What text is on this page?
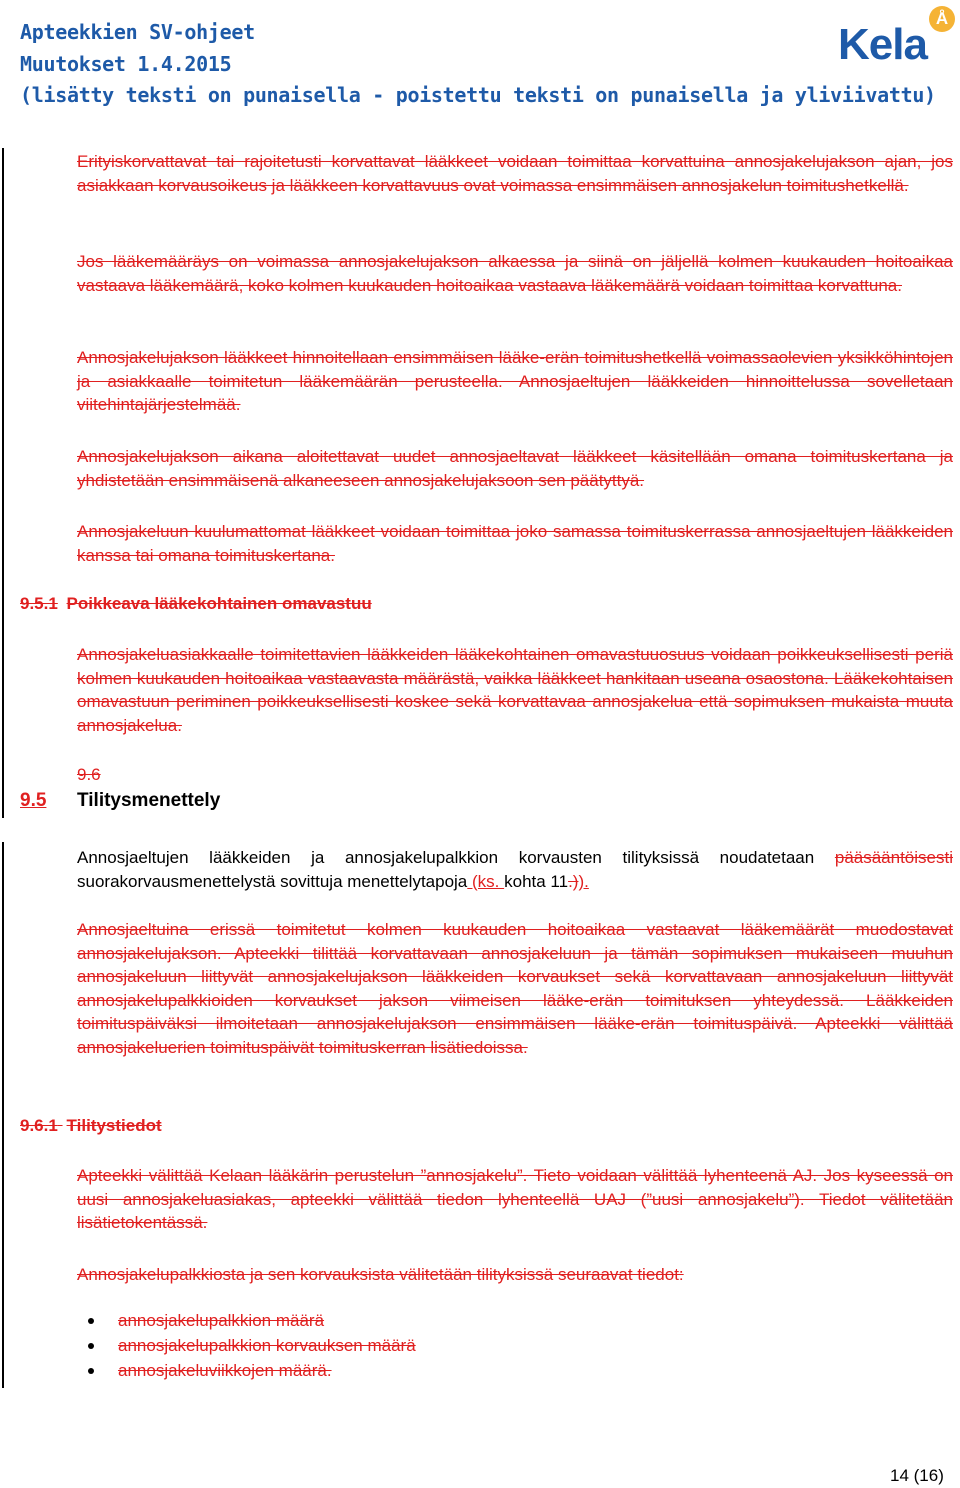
Apteekkien SV-ohjeet
Muutokset 1.4.2015
(lisätty teksti on punaisella - poistettu teksti on punaisella ja yliviivattu)
Kela
Å

Erityiskorvattavat tai rajoitetusti korvattavat lääkkeet voidaan toimittaa korvattuina annosjakelujakson ajan, jos asiakkaan korvausoikeus ja lääkkeen korvattavuus ovat voimassa ensimmäisen annosjakelun toimitushetkellä.

Jos lääkemääräys on voimassa annosjakelujakson alkaessa ja siinä on jäljellä kolmen kuukauden hoitoaikaa vastaava lääkemäärä, koko kolmen kuukauden hoitoaikaa vastaava lääkemäärä voidaan toimittaa korvattuna.

Annosjakelujakson lääkkeet hinnoitellaan ensimmäisen lääke-erän toimitushetkellä voimassaolevien yksikköhintojen ja asiakkaalle toimitetun lääkemäärän perusteella. Annosjaeltujen lääkkeiden hinnoittelussa sovelletaan viitehintajärjestelmää.

Annosjakelujakson aikana aloitettavat uudet annosjaeltavat lääkkeet käsitellään omana toimituskertana ja yhdistetään ensimmäisenä alkaneeseen annosjakelujaksoon sen päätyttyä.

Annosjakeluun kuulumattomat lääkkeet voidaan toimittaa joko samassa toimituskerrassa annosjaeltujen lääkkeiden kanssa tai omana toimituskertana.

9.5.1 Poikkeava lääkekohtainen omavastuu

Annosjakeluasiakkaalle toimitettavien lääkkeiden lääkekohtainen omavastuuosuus voidaan poikkeuksellisesti periä kolmen kuukauden hoitoaikaa vastaavasta määrästä, vaikka lääkkeet hankitaan useana osaostona. Lääkekohtaisen omavastuun periminen poikkeuksellisesti koskee sekä korvattavaa annosjakelua että sopimuksen mukaista muuta annosjakelua.

9.6
9.5 Tilitysmenettely

Annosjaeltujen lääkkeiden ja annosjakelupalkkion korvausten tilityksissä noudatetaan pääsääntöisesti suorakorvausmenettelystä sovittuja menettelytapoja (ks. kohta 11.)).

Annosjaeltuina erissä toimitetut kolmen kuukauden hoitoaikaa vastaavat lääkemäärät muodostavat annosjakelujakson. Apteekki tilittää korvattavaan annosjakeluun ja tämän sopimuksen mukaiseen muuhun annosjakeluun liittyvät annosjakelujakson lääkkeiden korvaukset sekä korvattavaan annosjakeluun liittyvät annosjakelupalkkioiden korvaukset jakson viimeisen lääke-erän toimituksen yhteydessä. Lääkkeiden toimituspäiväksi ilmoitetaan annosjakelujakson ensimmäisen lääke-erän toimituspäivä. Apteekki välittää annosjakeluerien toimituspäivät toimituskerran lisätiedoissa.

9.6.1 Tilitystiedot

Apteekki välittää Kelaan lääkärin perustelun ”annosjakelu”. Tieto voidaan välittää lyhenteenä AJ. Jos kyseessä on uusi annosjakeluasiakas, apteekki välittää tiedon lyhenteellä UAJ (”uusi annosjakelu”). Tiedot välitetään lisätietokentässä.

Annosjakelupalkkiosta ja sen korvauksista välitetään tilityksissä seuraavat tiedot:

annosjakelupalkkion määrä
annosjakelupalkkion korvauksen määrä
annosjakeluviikkojen määrä.
14 (16)
